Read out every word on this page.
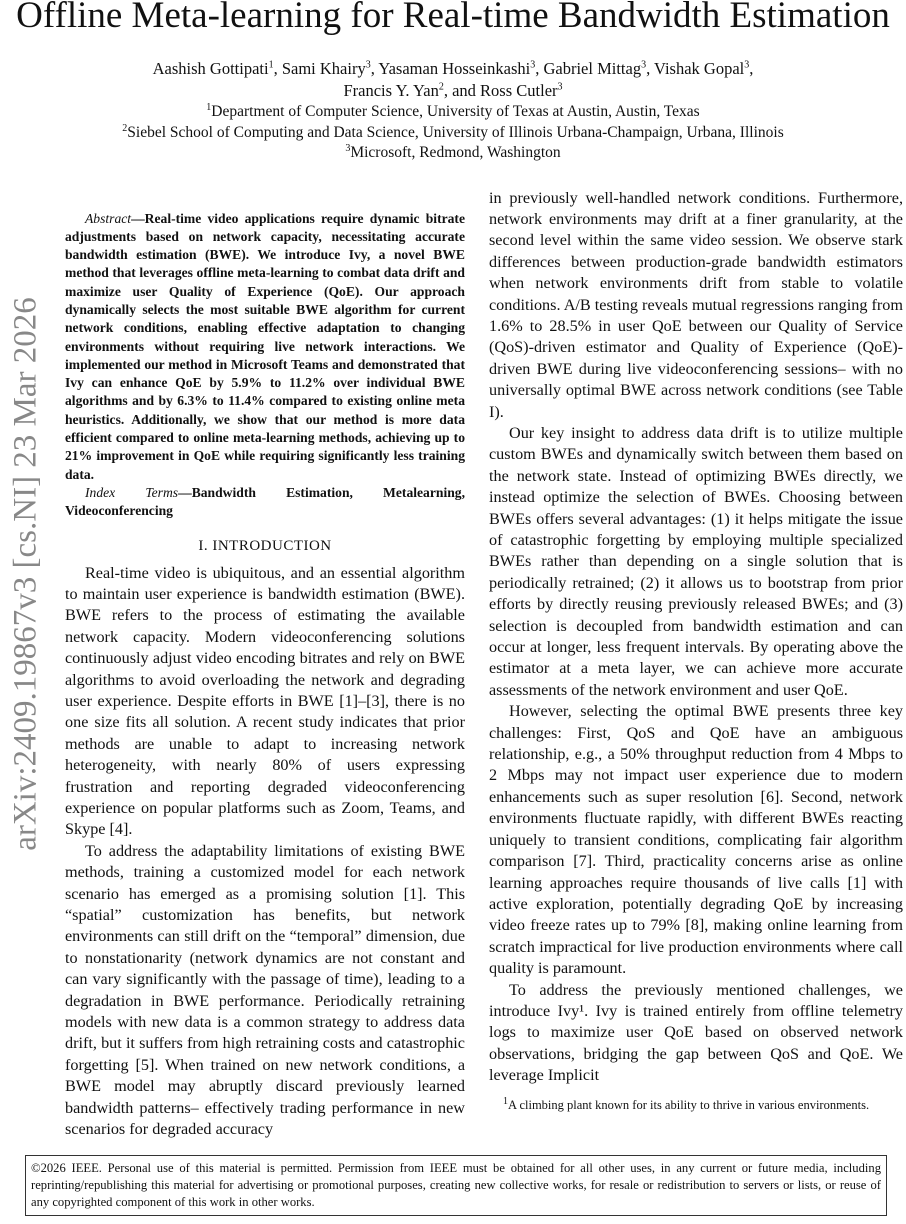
Offline Meta-learning for Real-time Bandwidth Estimation
Aashish Gottipati$^1$, Sami Khairy$^3$, Yasaman Hosseinkashi$^3$, Gabriel Mittag$^3$, Vishak Gopal$^3$,
Francis Y. Yan$^2$, and Ross Cutler$^3$
$^1$Department of Computer Science, University of Texas at Austin, Austin, Texas
$^2$Siebel School of Computing and Data Science, University of Illinois Urbana-Champaign, Urbana, Illinois
$^3$Microsoft, Redmond, Washington
arXiv:2409.19867v3 [cs.NI] 23 Mar 2026

Abstract—Real-time video applications require dynamic bitrate adjustments based on network capacity, necessitating accurate bandwidth estimation (BWE). We introduce Ivy, a novel BWE method that leverages offline meta-learning to combat data drift and maximize user Quality of Experience (QoE). Our approach dynamically selects the most suitable BWE algorithm for current network conditions, enabling effective adaptation to changing environments without requiring live network interactions. We implemented our method in Microsoft Teams and demonstrated that Ivy can enhance QoE by 5.9% to 11.2% over individual BWE algorithms and by 6.3% to 11.4% compared to existing online meta heuristics. Additionally, we show that our method is more data efficient compared to online meta-learning methods, achieving up to 21% improvement in QoE while requiring significantly less training data.

Index Terms—Bandwidth Estimation, Metalearning, Videoconferencing

I. INTRODUCTION

Real-time video is ubiquitous, and an essential algorithm to maintain user experience is bandwidth estimation (BWE). BWE refers to the process of estimating the available network capacity. Modern videoconferencing solutions continuously adjust video encoding bitrates and rely on BWE algorithms to avoid overloading the network and degrading user experience. Despite efforts in BWE [1]–[3], there is no one size fits all solution. A recent study indicates that prior methods are unable to adapt to increasing network heterogeneity, with nearly 80% of users expressing frustration and reporting degraded videoconferencing experience on popular platforms such as Zoom, Teams, and Skype [4].

To address the adaptability limitations of existing BWE methods, training a customized model for each network scenario has emerged as a promising solution [1]. This “spatial” customization has benefits, but network environments can still drift on the “temporal” dimension, due to nonstationarity (network dynamics are not constant and can vary significantly with the passage of time), leading to a degradation in BWE performance. Periodically retraining models with new data is a common strategy to address data drift, but it suffers from high retraining costs and catastrophic forgetting [5]. When trained on new network conditions, a BWE model may abruptly discard previously learned bandwidth patterns– effectively trading performance in new scenarios for degraded accuracy

in previously well-handled network conditions. Furthermore, network environments may drift at a finer granularity, at the second level within the same video session. We observe stark differences between production-grade bandwidth estimators when network environments drift from stable to volatile conditions. A/B testing reveals mutual regressions ranging from 1.6% to 28.5% in user QoE between our Quality of Service (QoS)-driven estimator and Quality of Experience (QoE)-driven BWE during live videoconferencing sessions– with no universally optimal BWE across network conditions (see Table I).

Our key insight to address data drift is to utilize multiple custom BWEs and dynamically switch between them based on the network state. Instead of optimizing BWEs directly, we instead optimize the selection of BWEs. Choosing between BWEs offers several advantages: (1) it helps mitigate the issue of catastrophic forgetting by employing multiple specialized BWEs rather than depending on a single solution that is periodically retrained; (2) it allows us to bootstrap from prior efforts by directly reusing previously released BWEs; and (3) selection is decoupled from bandwidth estimation and can occur at longer, less frequent intervals. By operating above the estimator at a meta layer, we can achieve more accurate assessments of the network environment and user QoE.

However, selecting the optimal BWE presents three key challenges: First, QoS and QoE have an ambiguous relationship, e.g., a 50% throughput reduction from 4 Mbps to 2 Mbps may not impact user experience due to modern enhancements such as super resolution [6]. Second, network environments fluctuate rapidly, with different BWEs reacting uniquely to transient conditions, complicating fair algorithm comparison [7]. Third, practicality concerns arise as online learning approaches require thousands of live calls [1] with active exploration, potentially degrading QoE by increasing video freeze rates up to 79% [8], making online learning from scratch impractical for live production environments where call quality is paramount.

To address the previously mentioned challenges, we introduce Ivy¹. Ivy is trained entirely from offline telemetry logs to maximize user QoE based on observed network observations, bridging the gap between QoS and QoE. We leverage Implicit

$^1$A climbing plant known for its ability to thrive in various environments.
©2026 IEEE. Personal use of this material is permitted. Permission from IEEE must be obtained for all other uses, in any current or future media, including reprinting/republishing this material for advertising or promotional purposes, creating new collective works, for resale or redistribution to servers or lists, or reuse of any copyrighted component of this work in other works.
